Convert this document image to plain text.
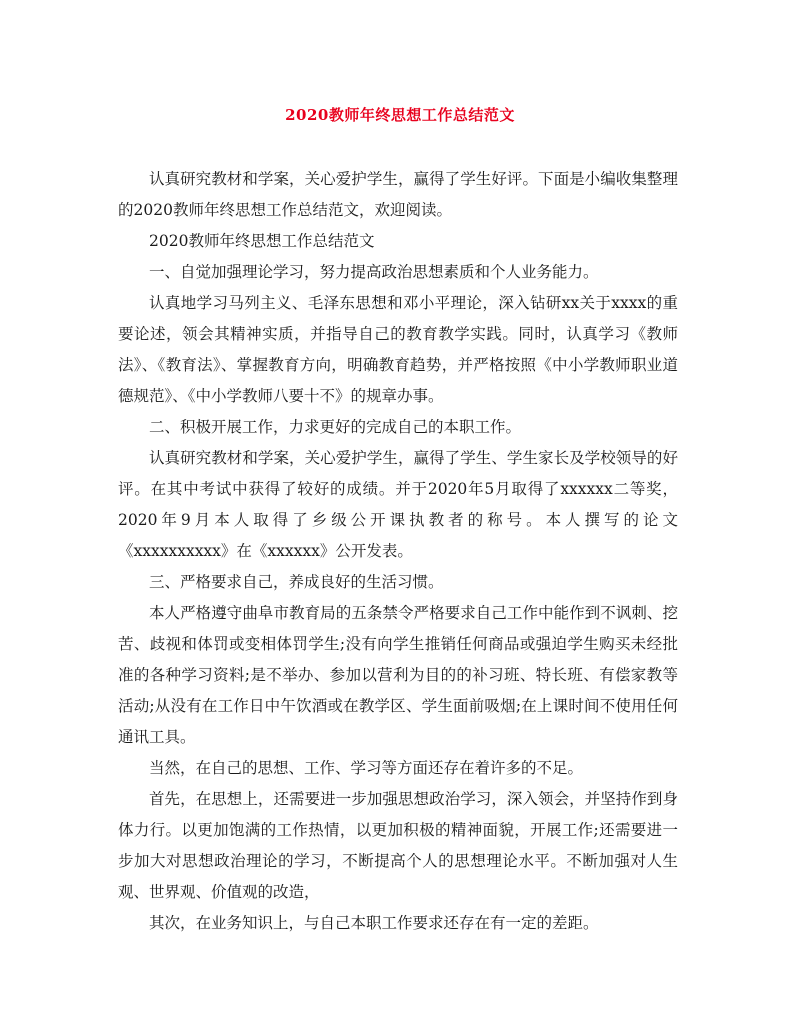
2020教师年终思想工作总结范文

认真研究教材和学案，关心爱护学生，赢得了学生好评。下面是小编收集整理的2020教师年终思想工作总结范文，欢迎阅读。

2020教师年终思想工作总结范文

一、自觉加强理论学习，努力提高政治思想素质和个人业务能力。

认真地学习马列主义、毛泽东思想和邓小平理论，深入钻研xx关于xxxx的重要论述，领会其精神实质，并指导自己的教育教学实践。同时，认真学习《教师法》、《教育法》、掌握教育方向，明确教育趋势，并严格按照《中小学教师职业道德规范》、《中小学教师八要十不》的规章办事。

二、积极开展工作，力求更好的完成自己的本职工作。

认真研究教材和学案，关心爱护学生，赢得了学生、学生家长及学校领导的好评。在其中考试中获得了较好的成绩。并于2020年5月取得了xxxxxx二等奖，2020年9月本人取得了乡级公开课执教者的称号。本人撰写的论文《xxxxxxxxxx》在《xxxxxx》公开发表。

三、严格要求自己，养成良好的生活习惯。

本人严格遵守曲阜市教育局的五条禁令严格要求自己工作中能作到不讽刺、挖苦、歧视和体罚或变相体罚学生;没有向学生推销任何商品或强迫学生购买未经批准的各种学习资料;是不举办、参加以营利为目的的补习班、特长班、有偿家教等活动;从没有在工作日中午饮酒或在教学区、学生面前吸烟;在上课时间不使用任何通讯工具。

当然，在自己的思想、工作、学习等方面还存在着许多的不足。

首先，在思想上，还需要进一步加强思想政治学习，深入领会，并坚持作到身体力行。以更加饱满的工作热情，以更加积极的精神面貌，开展工作;还需要进一步加大对思想政治理论的学习，不断提高个人的思想理论水平。不断加强对人生观、世界观、价值观的改造，

其次，在业务知识上，与自己本职工作要求还存在有一定的差距。
